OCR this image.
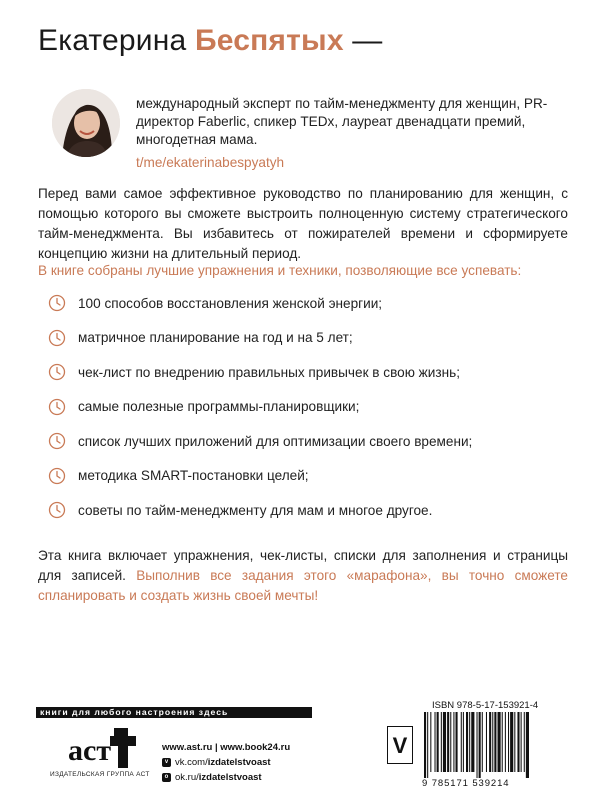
Екатерина Беспятых —
международный эксперт по тайм-менеджменту для женщин, PR-директор Faberlic, спикер TEDx, лауреат двенадцати премий, многодетная мама.
t/me/ekaterinabespyatyh
Перед вами самое эффективное руководство по планированию для женщин, с помощью которого вы сможете выстроить полноценную систему стратегического тайм-менеджмента. Вы избавитесь от пожирателей времени и сформируете концепцию жизни на длительный период.
В книге собраны лучшие упражнения и техники, позволяющие все успевать:
100 способов восстановления женской энергии;
матричное планирование на год и на 5 лет;
чек-лист по внедрению правильных привычек в свою жизнь;
самые полезные программы-планировщики;
список лучших приложений для оптимизации своего времени;
методика SMART-постановки целей;
советы по тайм-менеджменту для мам и многое другое.
Эта книга включает упражнения, чек-листы, списки для заполнения и страницы для записей. Выполнив все задания этого «марафона», вы точно сможете спланировать и создать жизнь своей мечты!
книги для любого настроения здесь
аст
ИЗДАТЕЛЬСКАЯ ГРУППА АСТ
www.ast.ru | www.book24.ru
v vk.com/ izdatelstvoast
o ok.ru/ izdatelstvoast
V
ISBN 978-5-17-153921-4
9 785171 539214
